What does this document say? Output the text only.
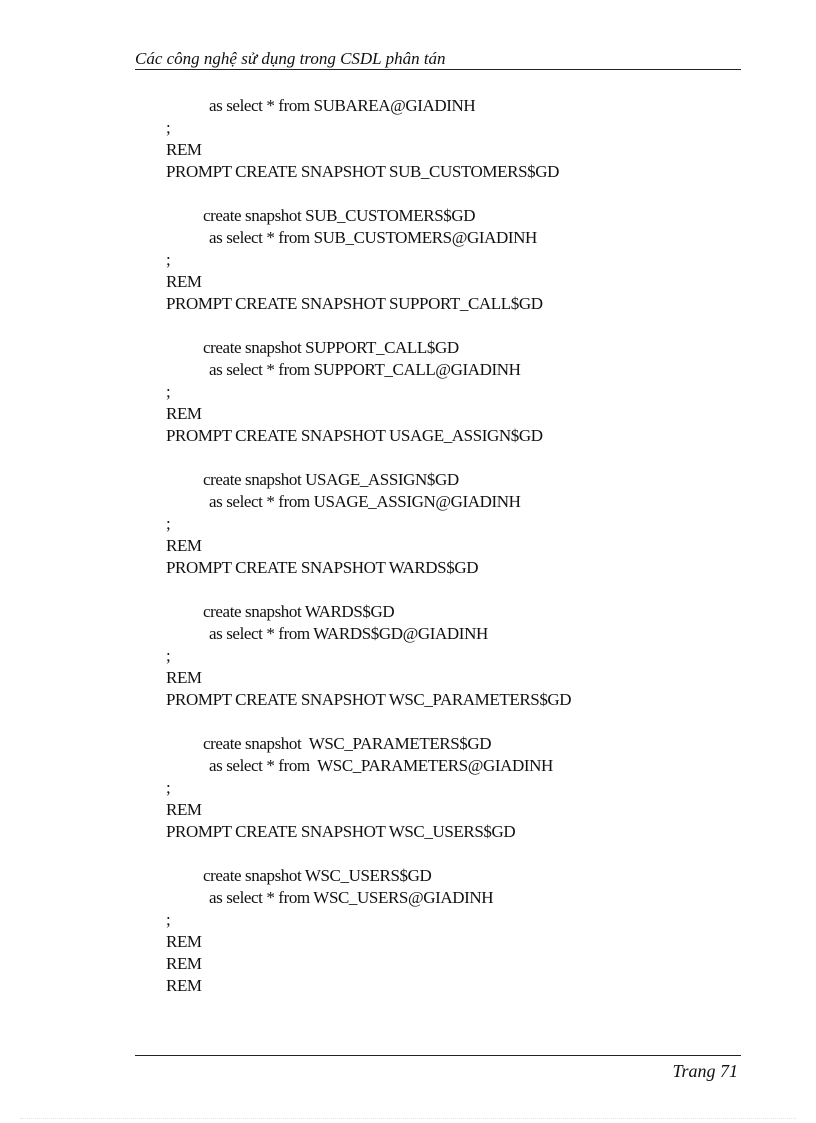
Các công nghệ sử dụng trong CSDL phân tán
as select * from SUBAREA@GIADINH
;
REM
PROMPT CREATE SNAPSHOT SUB_CUSTOMERS$GD
create snapshot SUB_CUSTOMERS$GD
as select * from SUB_CUSTOMERS@GIADINH
;
REM
PROMPT CREATE SNAPSHOT SUPPORT_CALL$GD
create snapshot SUPPORT_CALL$GD
as select * from SUPPORT_CALL@GIADINH
;
REM
PROMPT CREATE SNAPSHOT USAGE_ASSIGN$GD
create snapshot USAGE_ASSIGN$GD
as select * from USAGE_ASSIGN@GIADINH
;
REM
PROMPT CREATE SNAPSHOT WARDS$GD
create snapshot WARDS$GD
as select * from WARDS$GD@GIADINH
;
REM
PROMPT CREATE SNAPSHOT WSC_PARAMETERS$GD
create snapshot  WSC_PARAMETERS$GD
as select * from  WSC_PARAMETERS@GIADINH
;
REM
PROMPT CREATE SNAPSHOT WSC_USERS$GD
create snapshot WSC_USERS$GD
as select * from WSC_USERS@GIADINH
;
REM
REM
REM
Trang 71
